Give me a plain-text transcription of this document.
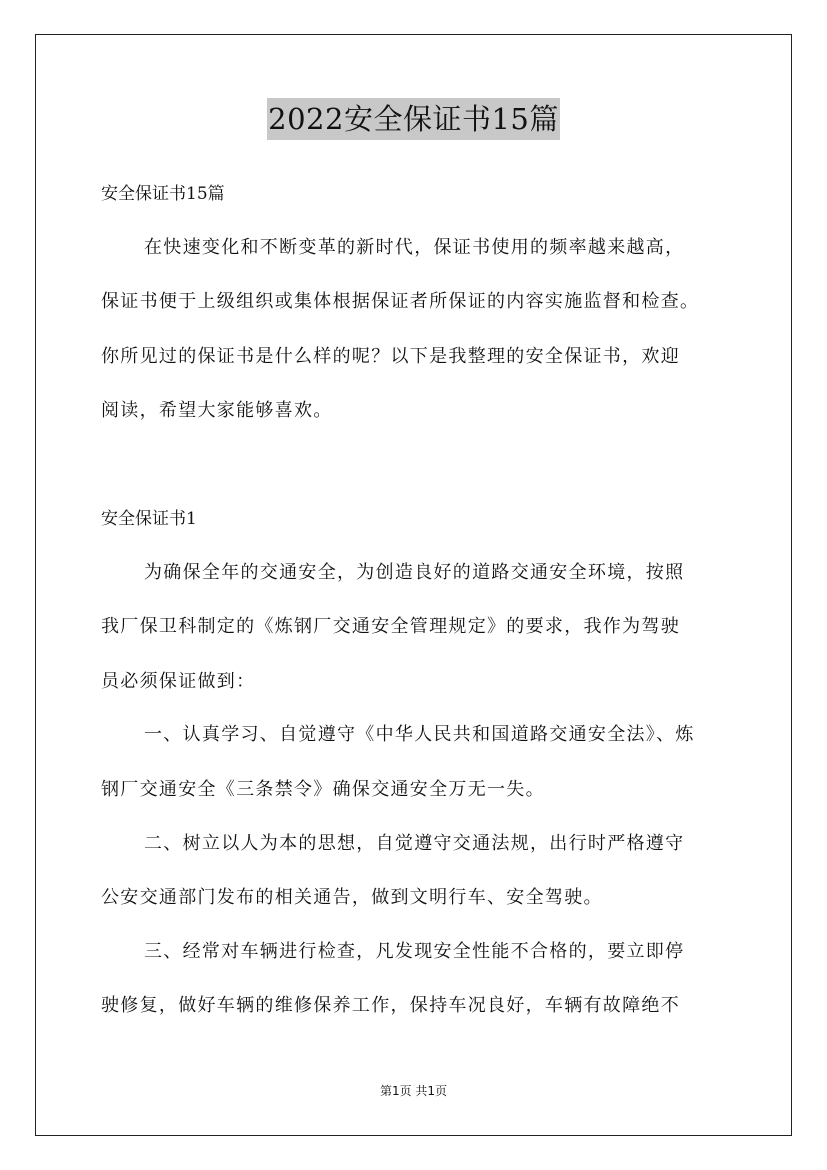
2022安全保证书15篇
安全保证书15篇
在快速变化和不断变革的新时代，保证书使用的频率越来越高，
保证书便于上级组织或集体根据保证者所保证的内容实施监督和检查。
你所见过的保证书是什么样的呢？以下是我整理的安全保证书，欢迎
阅读，希望大家能够喜欢。
安全保证书1
为确保全年的交通安全，为创造良好的道路交通安全环境，按照
我厂保卫科制定的《炼钢厂交通安全管理规定》的要求，我作为驾驶
员必须保证做到：
一、认真学习、自觉遵守《中华人民共和国道路交通安全法》、炼
钢厂交通安全《三条禁令》确保交通安全万无一失。
二、树立以人为本的思想，自觉遵守交通法规，出行时严格遵守
公安交通部门发布的相关通告，做到文明行车、安全驾驶。
三、经常对车辆进行检查，凡发现安全性能不合格的，要立即停
驶修复，做好车辆的维修保养工作，保持车况良好，车辆有故障绝不
第1页 共1页
